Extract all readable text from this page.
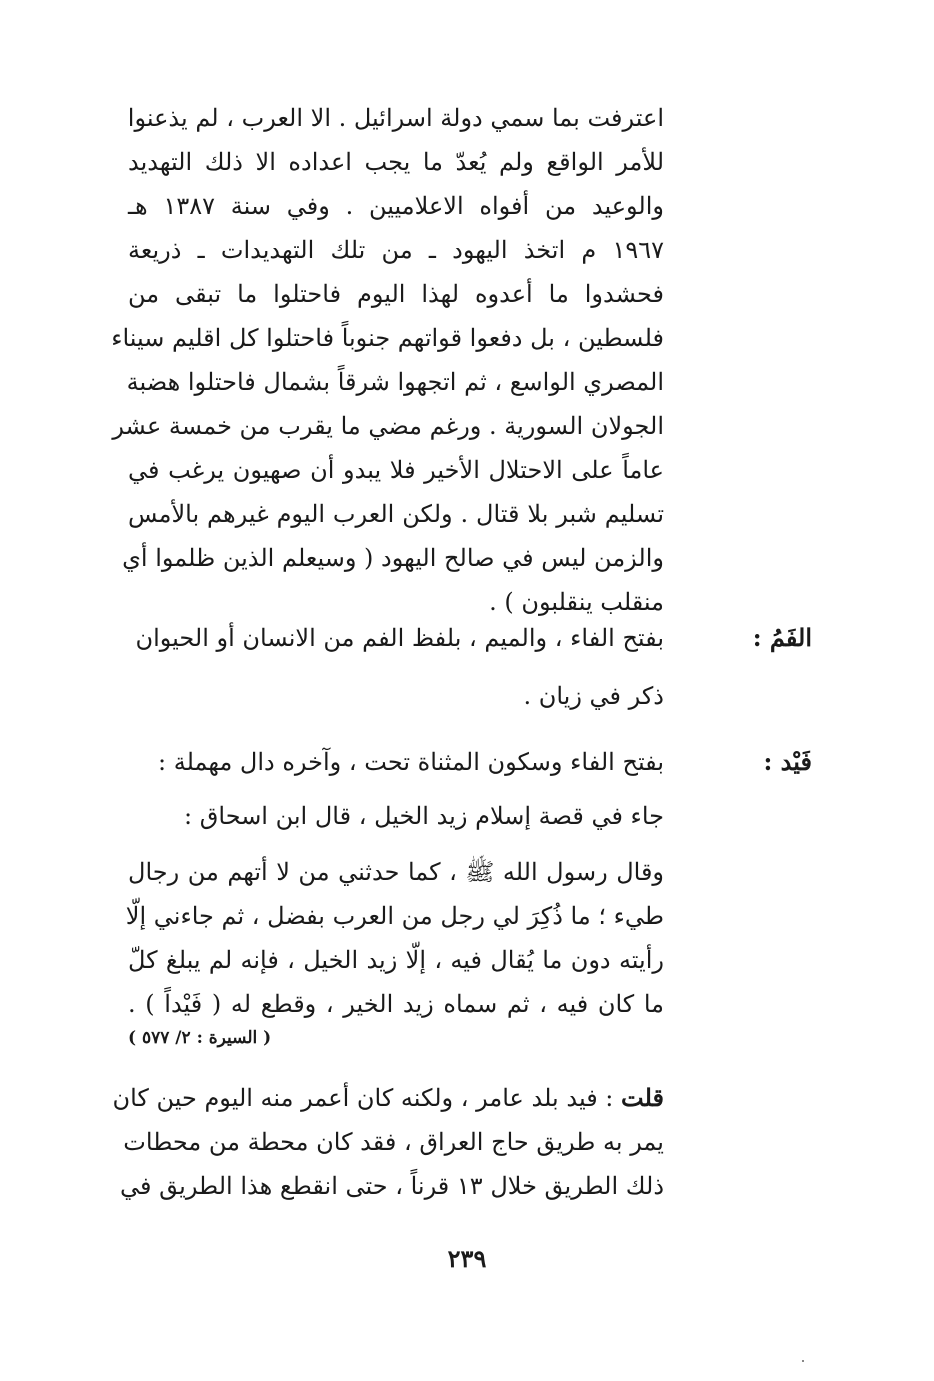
اعترفت بما سمي دولة اسرائيل . الا العرب ، لم يذعنوا
للأمر الواقع ولم يُعدّ ما يجب اعداده الا ذلك التهديد
والوعيد من أفواه الاعلاميين . وفي سنة ١٣٨٧ هـ
١٩٦٧ م اتخذ اليهود ـ من تلك التهديدات ـ ذريعة
فحشدوا ما أعدوه لهذا اليوم فاحتلوا ما تبقى من
فلسطين ، بل دفعوا قواتهم جنوباً فاحتلوا كل اقليم سيناء
المصري الواسع ، ثم اتجهوا شرقاً بشمال فاحتلوا هضبة
الجولان السورية . ورغم مضي ما يقرب من خمسة عشر
عاماً على الاحتلال الأخير فلا يبدو أن صهيون يرغب في
تسليم شبر بلا قتال . ولكن العرب اليوم غيرهم بالأمس
والزمن ليس في صالح اليهود ( وسيعلم الذين ظلموا أي
منقلب ينقلبون ) .
الفَمُ :
بفتح الفاء ، والميم ، بلفظ الفم من الانسان أو الحيوان
ذكر في زيان .
فَيْد :
بفتح الفاء وسكون المثناة تحت ، وآخره دال مهملة :
جاء في قصة إسلام زيد الخيل ، قال ابن اسحاق :
وقال رسول الله ﷺ ، كما حدثني من لا أتهم من رجال
طيء ؛ ما ذُكِرَ لي رجل من العرب بفضل ، ثم جاءني إلّا
رأيته دون ما يُقال فيه ، إلّا زيد الخيل ، فإنه لم يبلغ كلّ
ما كان فيه ، ثم سماه زيد الخير ، وقطع له ( فَيْداً ) .
( السيرة : ٢/ ٥٧٧ )
قلت : فيد بلد عامر ، ولكنه كان أعمر منه اليوم حين كان
يمر به طريق حاج العراق ، فقد كان محطة من محطات
ذلك الطريق خلال ١٣ قرناً ، حتى انقطع هذا الطريق في
٢٣٩
